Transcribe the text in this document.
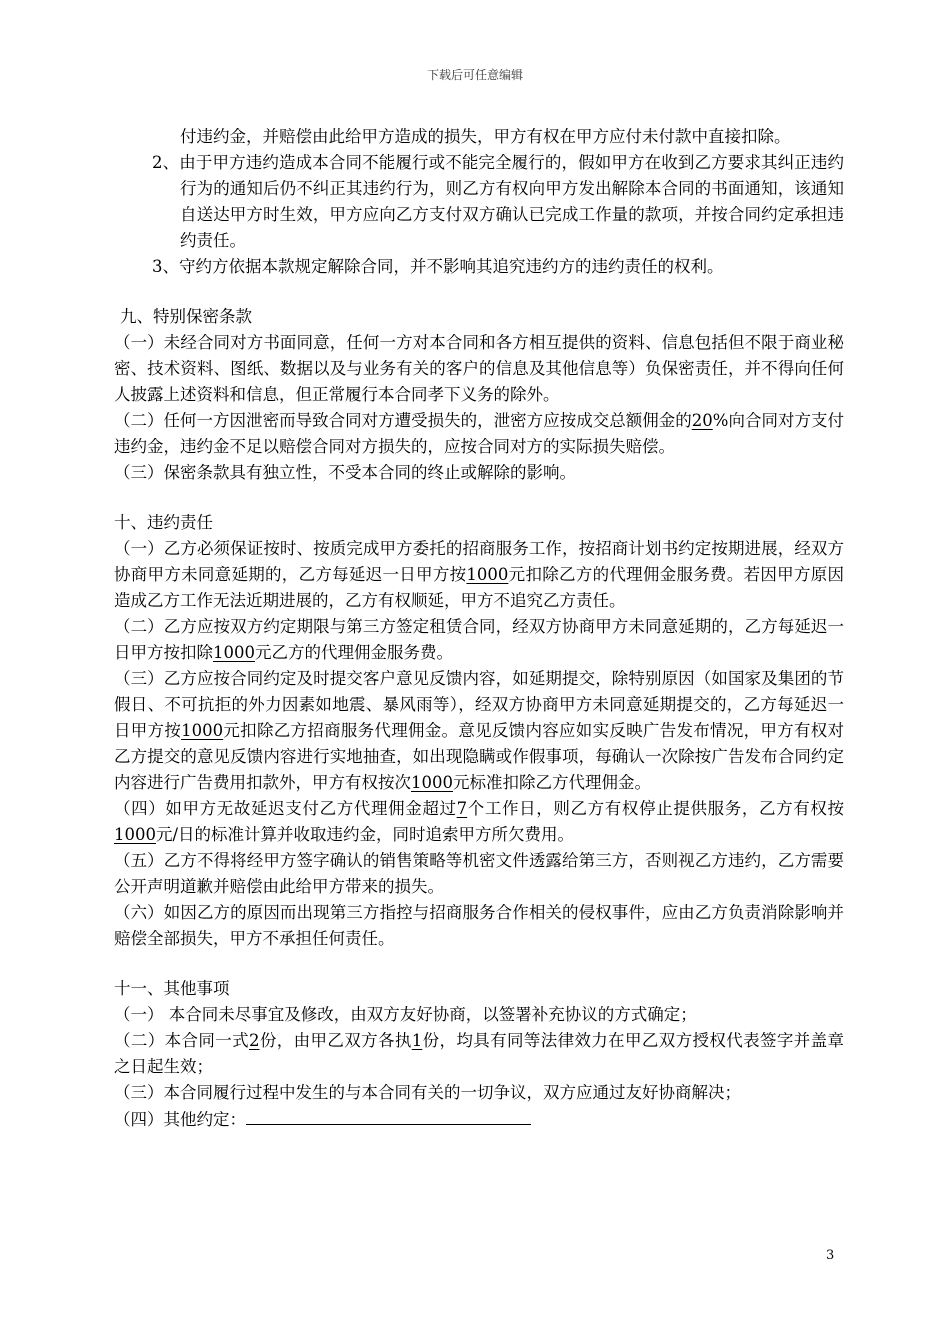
下载后可任意编辑

付违约金，并赔偿由此给甲方造成的损失，甲方有权在甲方应付未付款中直接扣除。

2、由于甲方违约造成本合同不能履行或不能完全履行的，假如甲方在收到乙方要求其纠正违约行为的通知后仍不纠正其违约行为，则乙方有权向甲方发出解除本合同的书面通知，该通知自送达甲方时生效，甲方应向乙方支付双方确认已完成工作量的款项，并按合同约定承担违约责任。

3、守约方依据本款规定解除合同，并不影响其追究违约方的违约责任的权利。

九、特别保密条款

（一）未经合同对方书面同意，任何一方对本合同和各方相互提供的资料、信息包括但不限于商业秘密、技术资料、图纸、数据以及与业务有关的客户的信息及其他信息等）负保密责任，并不得向任何人披露上述资料和信息，但正常履行本合同孝下义务的除外。

（二）任何一方因泄密而导致合同对方遭受损失的，泄密方应按成交总额佣金的20%向合同对方支付违约金，违约金不足以赔偿合同对方损失的，应按合同对方的实际损失赔偿。

（三）保密条款具有独立性，不受本合同的终止或解除的影响。

十、违约责任

（一）乙方必须保证按时、按质完成甲方委托的招商服务工作，按招商计划书约定按期进展，经双方协商甲方未同意延期的，乙方每延迟一日甲方按1000元扣除乙方的代理佣金服务费。若因甲方原因造成乙方工作无法近期进展的，乙方有权顺延，甲方不追究乙方责任。

（二）乙方应按双方约定期限与第三方签定租赁合同，经双方协商甲方未同意延期的，乙方每延迟一日甲方按扣除1000元乙方的代理佣金服务费。

（三）乙方应按合同约定及时提交客户意见反馈内容，如延期提交，除特别原因（如国家及集团的节假日、不可抗拒的外力因素如地震、暴风雨等），经双方协商甲方未同意延期提交的，乙方每延迟一日甲方按1000元扣除乙方招商服务代理佣金。意见反馈内容应如实反映广告发布情况，甲方有权对乙方提交的意见反馈内容进行实地抽查，如出现隐瞒或作假事项，每确认一次除按广告发布合同约定内容进行广告费用扣款外，甲方有权按次1000元标准扣除乙方代理佣金。

（四）如甲方无故延迟支付乙方代理佣金超过7个工作日，则乙方有权停止提供服务，乙方有权按1000元/日的标准计算并收取违约金，同时追索甲方所欠费用。

（五）乙方不得将经甲方签字确认的销售策略等机密文件透露给第三方，否则视乙方违约，乙方需要公开声明道歉并赔偿由此给甲方带来的损失。

（六）如因乙方的原因而出现第三方指控与招商服务合作相关的侵权事件，应由乙方负责消除影响并赔偿全部损失，甲方不承担任何责任。

十一、其他事项

（一） 本合同未尽事宜及修改，由双方友好协商，以签署补充协议的方式确定；

（二）本合同一式2份，由甲乙双方各执1份，均具有同等法律效力在甲乙双方授权代表签字并盖章之日起生效；

（三）本合同履行过程中发生的与本合同有关的一切争议，双方应通过友好协商解决；

（四）其他约定：

3
